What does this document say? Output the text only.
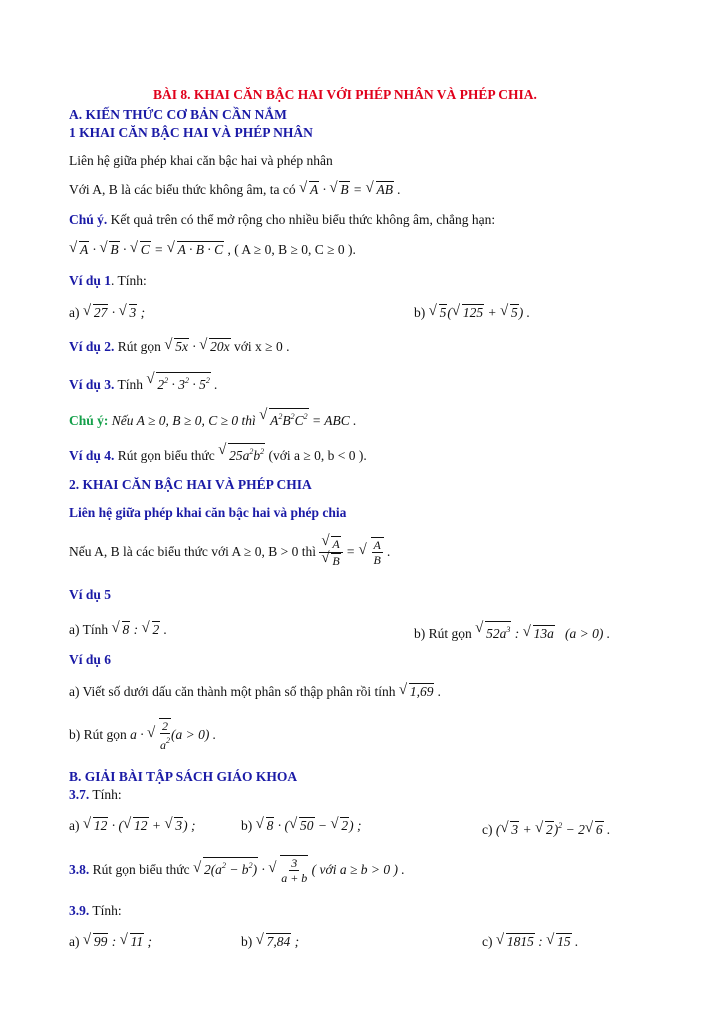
BÀI 8. KHAI CĂN BẬC HAI VỚI PHÉP NHÂN VÀ PHÉP CHIA.
A. KIẾN THỨC CƠ BẢN CẦN NẮM
1 KHAI CĂN BẬC HAI VÀ PHÉP NHÂN
Liên hệ giữa phép khai căn bậc hai và phép nhân
Với A, B là các biểu thức không âm, ta có √ A · √ B = √ AB .
Chú ý. Kết quả trên có thể mở rộng cho nhiều biểu thức không âm, chẳng hạn:
√ A · √ B · √ C = √ A · B · C , ( A ≥ 0, B ≥ 0, C ≥ 0 ).
Ví dụ 1. Tính:
a) √ 27 · √ 3 ;	b) √ 5( √ 125 + √ 5) .
Ví dụ 2. Rút gọn √ 5x · √ 20x với x ≥ 0 .
Ví dụ 3. Tính √ $2^2 \cdot 3^2 \cdot 5^2$ .
Chú ý: Nếu A ≥ 0, B ≥ 0, C ≥ 0 thì √ $A^2B^2C^2$ = ABC .
Ví dụ 4. Rút gọn biểu thức √ $25a^2b^2$ (với a ≥ 0, b < 0 ).
2. KHAI CĂN BẬC HAI VÀ PHÉP CHIA
Liên hệ giữa phép khai căn bậc hai và phép chia
Nếu A, B là các biểu thức với A ≥ 0, B > 0 thì √ A
√ B = √ $\frac{A}{B}$ .
Ví dụ 5
a) Tính √ 8 : √ 2 .	b) Rút gọn √ $52a^3$ : √ 13a (a > 0) .
Ví dụ 6
a) Viết số dưới dấu căn thành một phân số thập phân rồi tính √ 1,69 .
b) Rút gọn a · √ $\frac{2}{a^2} (a > 0)$ .
B. GIẢI BÀI TẬP SÁCH GIÁO KHOA
3.7. Tính:
a) √ 12 · ( √ 12 + √ 3) ;	b) √ 8 · ( √ 50 − √ 2) ;	c) ( √ 3 + √ 2)$^2$ − 2 √ 6 .
3.8. Rút gọn biểu thức √ $2(a^2 - b^2)$ · √ $\frac{3}{a + b}$ ( với a ≥ b > 0 ) .
3.9. Tính:
a) √ 99 : √ 11 ;	b) √ 7,84 ;	c) √ 1815 : √ 15 .
